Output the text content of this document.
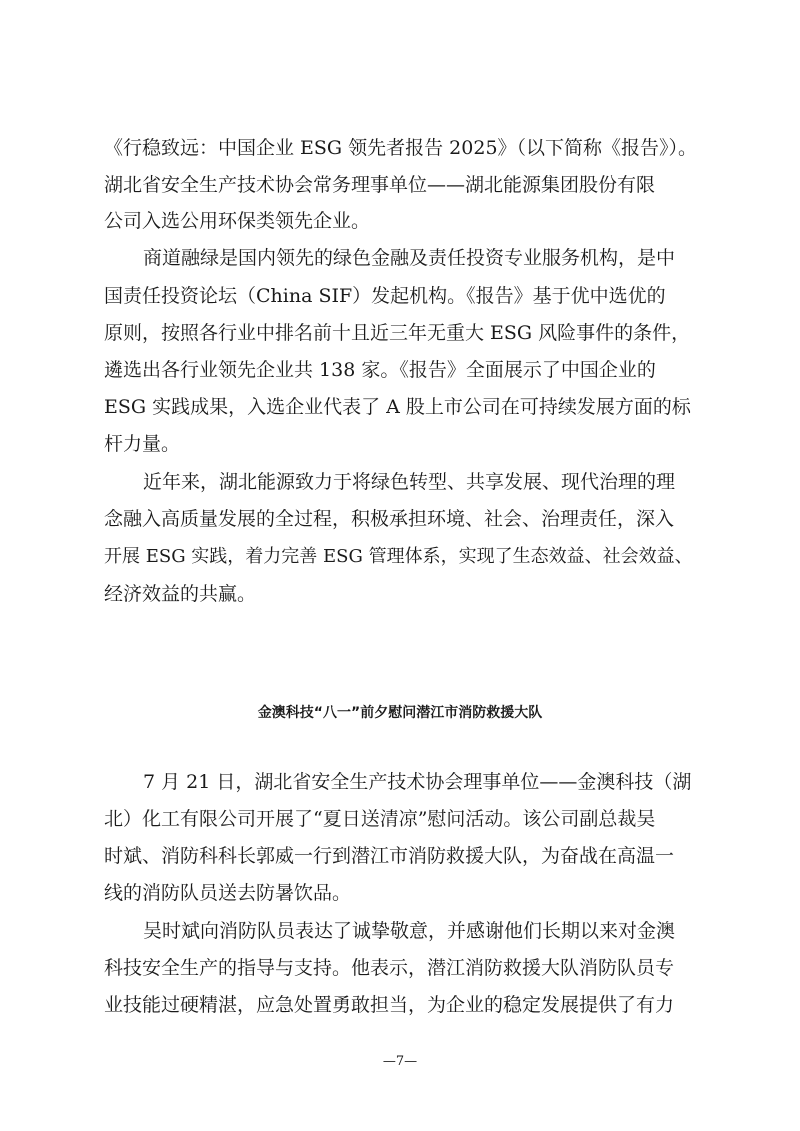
《行稳致远：中国企业 ESG 领先者报告 2025》（以下简称《报告》）。
湖北省安全生产技术协会常务理事单位——湖北能源集团股份有限
公司入选公用环保类领先企业。
商道融绿是国内领先的绿色金融及责任投资专业服务机构，是中
国责任投资论坛（China SIF）发起机构。《报告》基于优中选优的
原则，按照各行业中排名前十且近三年无重大 ESG 风险事件的条件，
遴选出各行业领先企业共 138 家。《报告》全面展示了中国企业的
ESG 实践成果，入选企业代表了 A 股上市公司在可持续发展方面的标
杆力量。
近年来，湖北能源致力于将绿色转型、共享发展、现代治理的理
念融入高质量发展的全过程，积极承担环境、社会、治理责任，深入
开展 ESG 实践，着力完善 ESG 管理体系，实现了生态效益、社会效益、
经济效益的共赢。
金澳科技“八一”前夕慰问潜江市消防救援大队
7 月 21 日，湖北省安全生产技术协会理事单位——金澳科技（湖
北）化工有限公司开展了“夏日送清凉”慰问活动。该公司副总裁吴
时斌、消防科科长郭威一行到潜江市消防救援大队，为奋战在高温一
线的消防队员送去防暑饮品。
吴时斌向消防队员表达了诚挚敬意，并感谢他们长期以来对金澳
科技安全生产的指导与支持。他表示，潜江消防救援大队消防队员专
业技能过硬精湛，应急处置勇敢担当，为企业的稳定发展提供了有力
—7—
